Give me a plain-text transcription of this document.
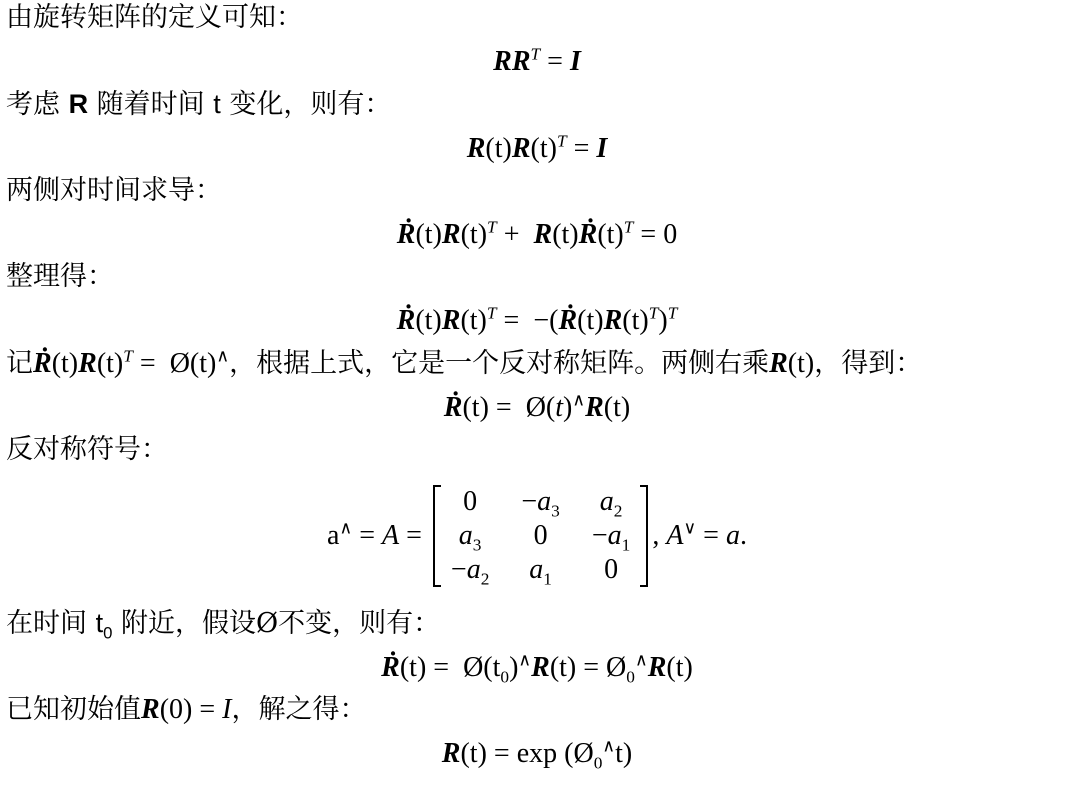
由旋转矩阵的定义可知：
$RR^T = I$
考虑 R 随着时间 t 变化，则有：
$R(t)R(t)^T = I$
两侧对时间求导：
$Ṙ(t)R(t)^T$ +  $R(t)Ṙ(t)^T = 0$
整理得：
$Ṙ(t)R(t)^T$ =  $-(Ṙ(t)R(t)^T)^T$
记$Ṙ(t)R(t)^T$ =  Ø(t)∧，根据上式，它是一个反对称矩阵。两侧右乘R(t)，得到：
Ṙ(t) =  Ø(t)∧R(t)
反对称符号：
a∧ = A =
0	$-a_3$	$a_2$
$a_3$	0	$-a_1$
$-a_2$	$a_1$	0
, A∨ = a.
在时间 $t_0$ 附近，假设Ø不变，则有：
Ṙ(t) =  $Ø(t_0)^\wedge R(t)$ = $Ø_0^\wedge R(t)$
已知初始值R(0) = I，解之得：
$R(t) = \exp (Ø_0^\wedge t)$
